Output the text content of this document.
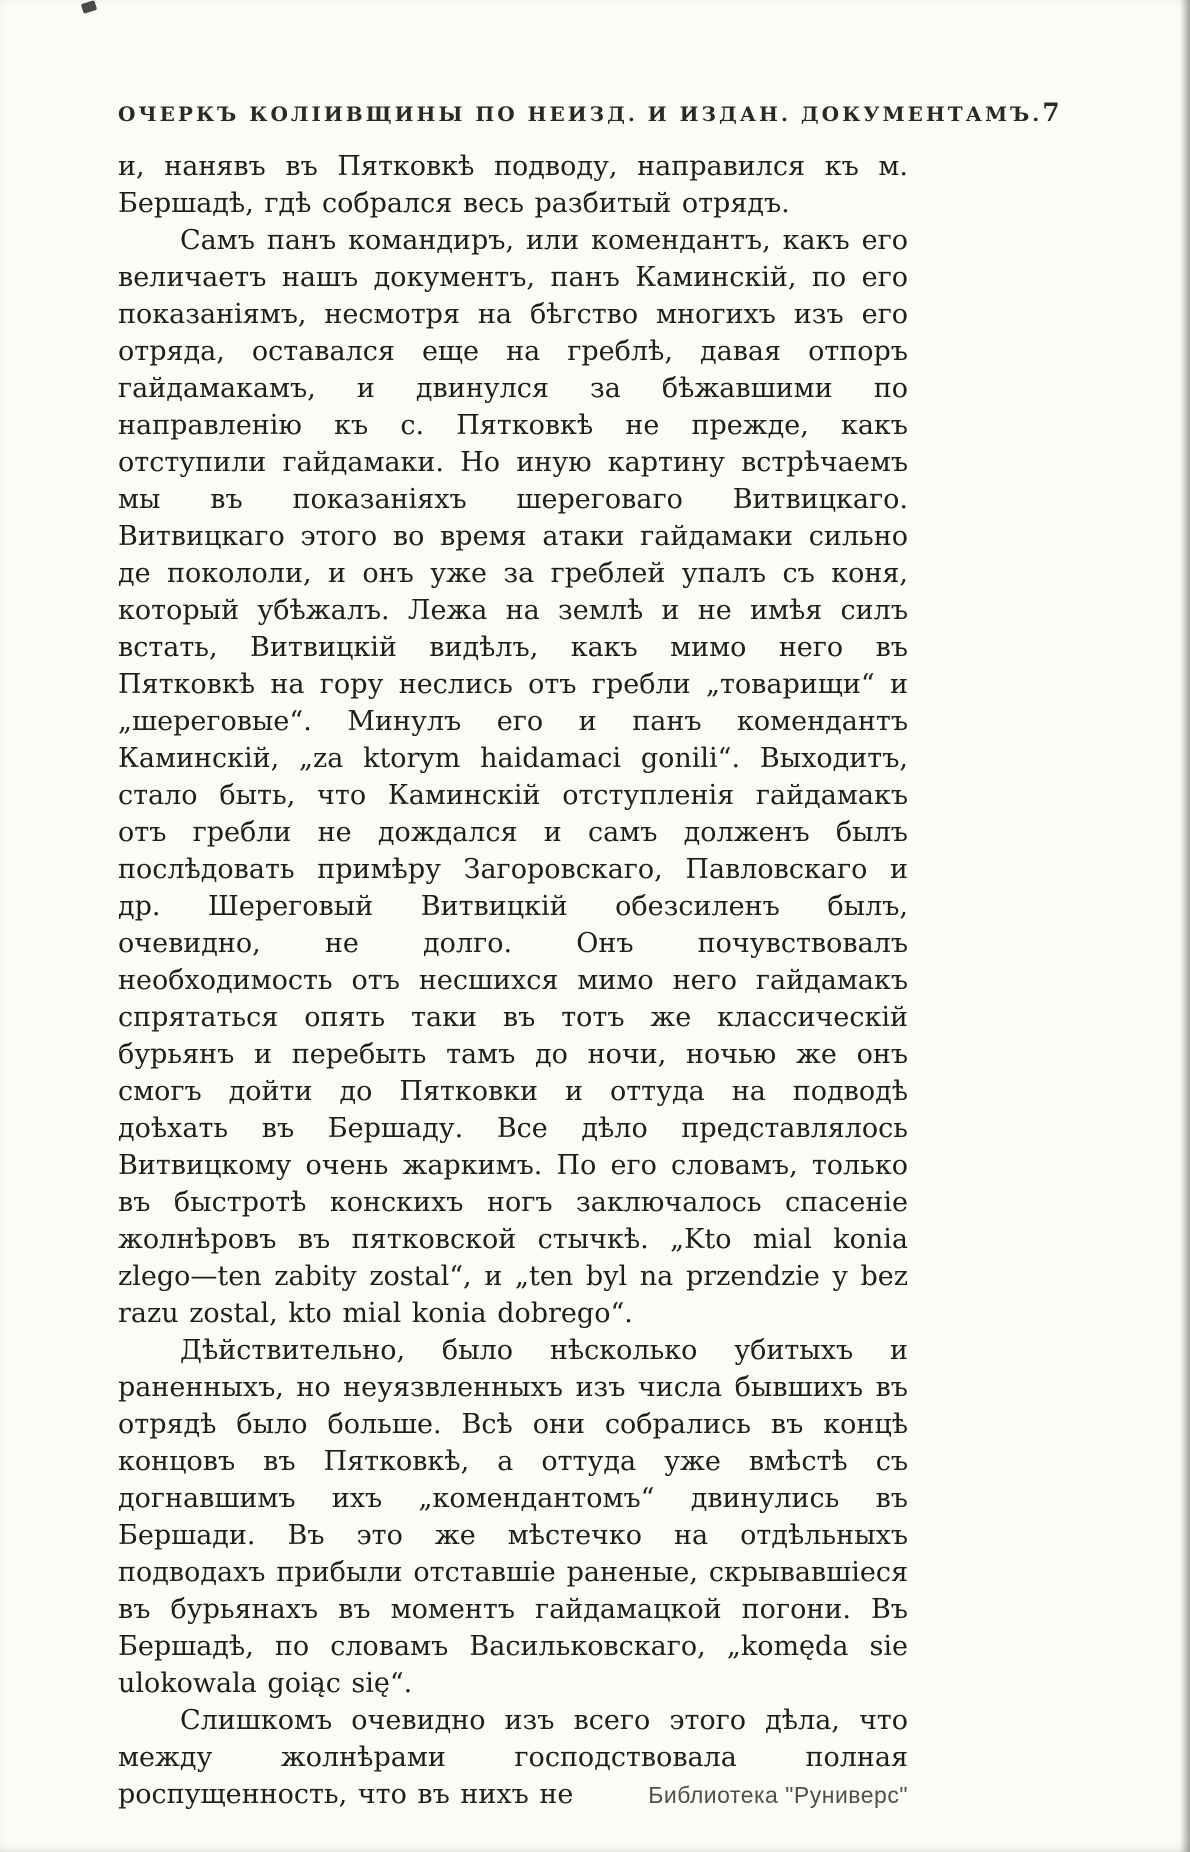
ОЧЕРКЪ КОЛІИВЩИНЫ ПО НЕИЗД. И ИЗДАН. ДОКУМЕНТАМЪ. 7

и, нанявъ въ Пятковкѣ подводу, направился къ м. Бершадѣ, гдѣ собрался весь разбитый отрядъ.

Самъ панъ командиръ, или комендантъ, какъ его величаетъ нашъ документъ, панъ Каминскій, по его показаніямъ, несмотря на бѣгство многихъ изъ его отряда, оставался еще на греблѣ, давая отпоръ гайдамакамъ, и двинулся за бѣжавшими по направленію къ с. Пятковкѣ не прежде, какъ отступили гайдамаки. Но иную картину встрѣчаемъ мы въ показаніяхъ шереговаго Витвицкаго. Витвицкаго этого во время атаки гайдамаки сильно де покололи, и онъ уже за греблей упалъ съ коня, который убѣжалъ. Лежа на землѣ и не имѣя силъ встать, Витвицкій видѣлъ, какъ мимо него въ Пятковкѣ на гору неслись отъ гребли „товарищи“ и „шереговые“. Минулъ его и панъ комендантъ Каминскій, „za ktorym haidamaci gonili“. Выходитъ, стало быть, что Каминскій отступленія гайдамакъ отъ гребли не дождался и самъ долженъ былъ послѣдовать примѣру Загоровскаго, Павловскаго и др. Шереговый Витвицкій обезсиленъ былъ, очевидно, не долго. Онъ почувствовалъ необходимость отъ несшихся мимо него гайдамакъ спрятаться опять таки въ тотъ же классическій бурьянъ и перебыть тамъ до ночи, ночью же онъ смогъ дойти до Пятковки и оттуда на подводѣ доѣхать въ Бершаду. Все дѣло представлялось Витвицкому очень жаркимъ. По его словамъ, только въ быстротѣ конскихъ ногъ заключалось спасеніе жолнѣровъ въ пятковской стычкѣ. „Kto mial konia zlego—ten zabity zostal“, и „ten byl na przendzie y bez razu zostal, kto mial konia dobrego“.

Дѣйствительно, было нѣсколько убитыхъ и раненныхъ, но неуязвленныхъ изъ числа бывшихъ въ отрядѣ было больше. Всѣ они собрались въ концѣ концовъ въ Пятковкѣ, а оттуда уже вмѣстѣ съ догнавшимъ ихъ „комендантомъ“ двинулись въ Бершади. Въ это же мѣстечко на отдѣльныхъ подводахъ прибыли отставшіе раненые, скрывавшіеся въ бурьянахъ въ моментъ гайдамацкой погони. Въ Бершадѣ, по словамъ Васильковскаго, „komęda sie ulokowala goiąc się“.

Слишкомъ очевидно изъ всего этого дѣла, что между жолнѣрами господствовала полная роспущенность, что въ нихъ не	Библиотека "Руниверс"
